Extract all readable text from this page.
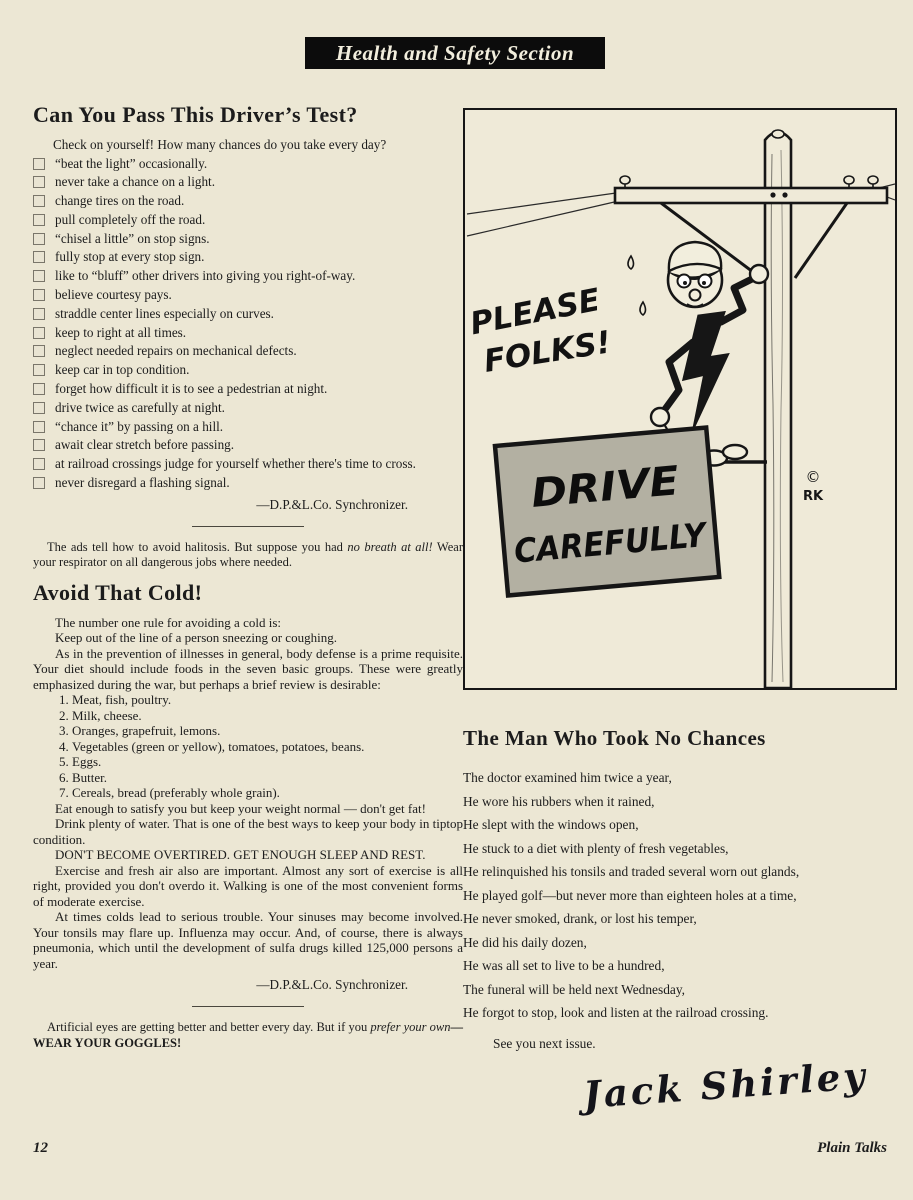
Health and Safety Section
Can You Pass This Driver’s Test?

Check on yourself! How many chances do you take every day?

“beat the light” occasionally.
never take a chance on a light.
change tires on the road.
pull completely off the road.
“chisel a little” on stop signs.
fully stop at every stop sign.
like to “bluff” other drivers into giving you right-of-way.
believe courtesy pays.
straddle center lines especially on curves.
keep to right at all times.
neglect needed repairs on mechanical defects.
keep car in top condition.
forget how difficult it is to see a pedestrian at night.
drive twice as carefully at night.
“chance it” by passing on a hill.
await clear stretch before passing.
at railroad crossings judge for yourself whether there's time to cross.
never disregard a flashing signal.

—D.P.&L.Co. Synchronizer.

The ads tell how to avoid halitosis. But suppose you had no breath at all! Wear your respirator on all dangerous jobs where needed.

Avoid That Cold!

The number one rule for avoiding a cold is:

Keep out of the line of a person sneezing or coughing.

As in the prevention of illnesses in general, body defense is a prime requisite. Your diet should include foods in the seven basic groups. These were greatly emphasized during the war, but perhaps a brief review is desirable:

1. Meat, fish, poultry.
2. Milk, cheese.
3. Oranges, grapefruit, lemons.
4. Vegetables (green or yellow), tomatoes, potatoes, beans.
5. Eggs.
6. Butter.
7. Cereals, bread (preferably whole grain).

Eat enough to satisfy you but keep your weight normal — don't get fat!

Drink plenty of water. That is one of the best ways to keep your body in tiptop condition.

DON'T BECOME OVERTIRED. GET ENOUGH SLEEP AND REST.

Exercise and fresh air also are important. Almost any sort of exercise is all right, provided you don't overdo it. Walking is one of the most convenient forms of moderate exercise.

At times colds lead to serious trouble. Your sinuses may become involved. Your tonsils may flare up. Influenza may occur. And, of course, there is always pneumonia, which until the development of sulfa drugs killed 125,000 persons a year.

—D.P.&L.Co. Synchronizer.

Artificial eyes are getting better and better every day. But if you prefer your own—WEAR YOUR GOGGLES!

PLEASE
FOLKS!
DRIVE
CAREFULLY
©
RK
The Man Who Took No Chances

The doctor examined him twice a year,

He wore his rubbers when it rained,

He slept with the windows open,

He stuck to a diet with plenty of fresh vegetables,

He relinquished his tonsils and traded several worn out glands,

He played golf—but never more than eighteen holes at a time,

He never smoked, drank, or lost his temper,

He did his daily dozen,

He was all set to live to be a hundred,

The funeral will be held next Wednesday,

He forgot to stop, look and listen at the railroad crossing.

See you next issue.

Jack Shirley
12	Plain Talks
